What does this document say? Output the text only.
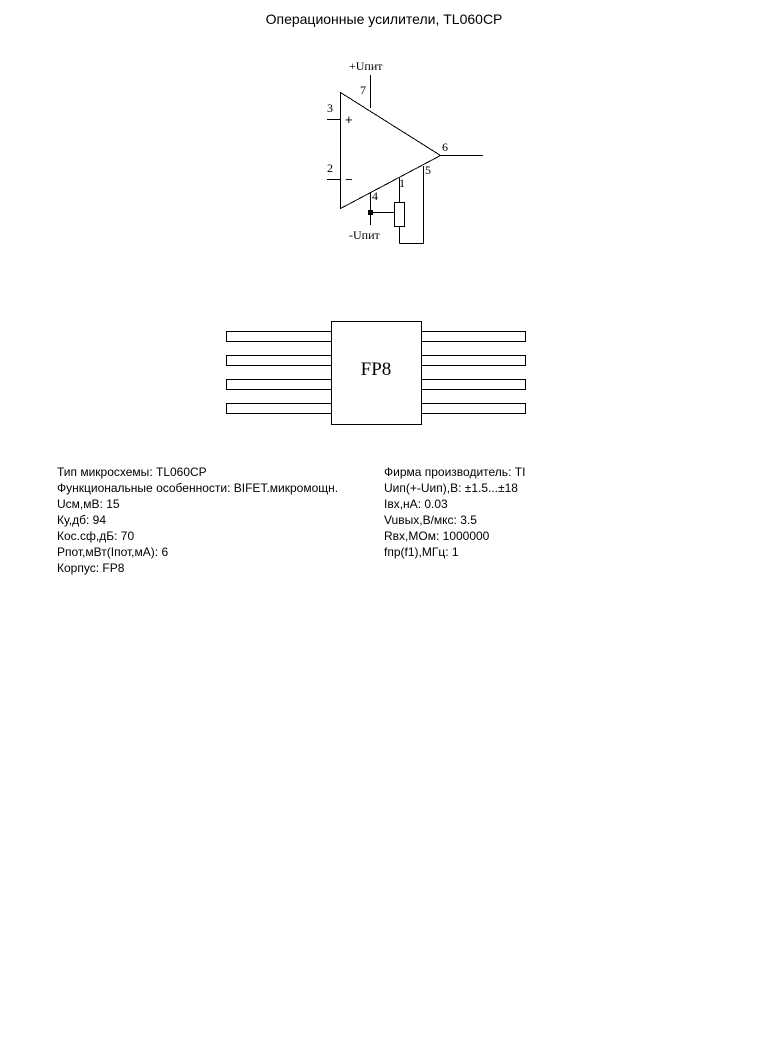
Операционные усилители, TL060CP
+Uпит
-Uпит
7
3
2
6
4
1
5
+
−
FP8
Тип микросхемы: TL060CP
Функциональные особенности: BIFET.микромощн.
Uсм,мВ: 15
Ку,дб: 94
Кос.сф,дБ: 70
Рпот,мВт(Iпот,мА): 6
Корпус: FP8
Фирма производитель: TI
Uип(+-Uип),В: ±1.5...±18
Iвх,нА: 0.03
Vuвых,В/мкс: 3.5
Rвх,МОм: 1000000
fпр(f1),МГц: 1
